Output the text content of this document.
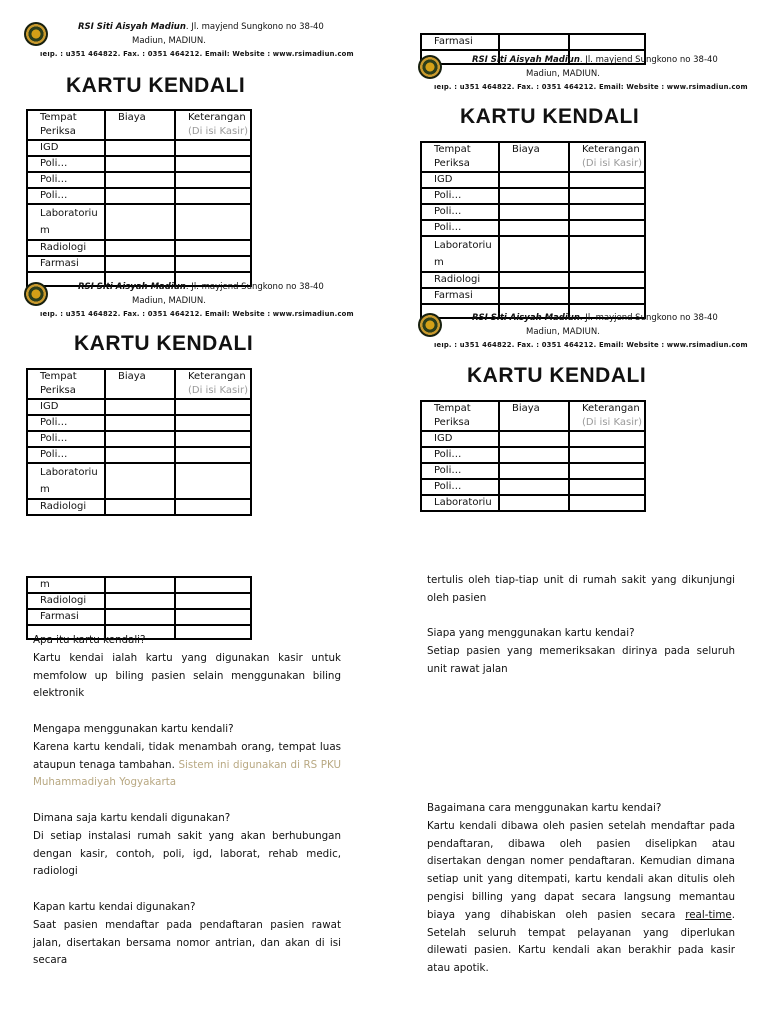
RSI Siti Aisyah Madiun. Jl. mayjend Sungkono no 38-40
Madiun, MADIUN.
ıeıp. : u351 464822. Fax. : 0351 464212. Email: Website : www.rsimadiun.com
KARTU KENDALI
Tempat
Periksa	Biaya	Keterangan
(Di isi Kasir)
IGD		
Poli…		
Poli…		
Poli…		
Laboratoriu
m		
Radiologi		
Farmasi		

RSI Siti Aisyah Madiun. Jl. mayjend Sungkono no 38-40
Madiun, MADIUN.
ıeıp. : u351 464822. Fax. : 0351 464212. Email: Website : www.rsimadiun.com
KARTU KENDALI
Tempat
Periksa	Biaya	Keterangan
(Di isi Kasir)
IGD		
Poli…		
Poli…		
Poli…		
Laboratoriu
m		
Radiologi		
m		
Radiologi		
Farmasi		

Apa itu kartu kendali?

Kartu kendai ialah kartu yang digunakan kasir untuk memfolow up biling pasien selain menggunakan biling elektronik

Mengapa menggunakan kartu kendali?

Karena kartu kendali, tidak menambah orang, tempat luas ataupun tenaga tambahan. Sistem ini digunakan di RS PKU Muhammadiyah Yogyakarta

Dimana saja kartu kendali digunakan?

Di setiap instalasi rumah sakit yang akan berhubungan dengan kasir, contoh, poli, igd, laborat, rehab medic, radiologi

Kapan kartu kendai digunakan?

Saat pasien mendaftar pada pendaftaran pasien rawat jalan, disertakan bersama nomor antrian, dan akan di isi secara

Farmasi		

RSI Siti Aisyah Madiun. Jl. mayjend Sungkono no 38-40
Madiun, MADIUN.
ıeıp. : u351 464822. Fax. : 0351 464212. Email: Website : www.rsimadiun.com
KARTU KENDALI
Tempat
Periksa	Biaya	Keterangan
(Di isi Kasir)
IGD		
Poli…		
Poli…		
Poli…		
Laboratoriu
m		
Radiologi		
Farmasi		

RSI Siti Aisyah Madiun. Jl. mayjend Sungkono no 38-40
Madiun, MADIUN.
ıeıp. : u351 464822. Fax. : 0351 464212. Email: Website : www.rsimadiun.com
KARTU KENDALI
Tempat
Periksa	Biaya	Keterangan
(Di isi Kasir)
IGD		
Poli…		
Poli…		
Poli…		
Laboratoriu		

tertulis oleh tiap-tiap unit di rumah sakit yang dikunjungi oleh pasien

Siapa yang menggunakan kartu kendai?

Setiap pasien yang memeriksakan dirinya pada seluruh unit rawat jalan

Bagaimana cara menggunakan kartu kendai?

Kartu kendali dibawa oleh pasien setelah mendaftar pada pendaftaran, dibawa oleh pasien diselipkan atau disertakan dengan nomer pendaftaran. Kemudian dimana setiap unit yang ditempati, kartu kendali akan ditulis oleh pengisi billing yang dapat secara langsung memantau biaya yang dihabiskan oleh pasien secara real-time. Setelah seluruh tempat pelayanan yang diperlukan dilewati pasien. Kartu kendali akan berakhir pada kasir atau apotik.
